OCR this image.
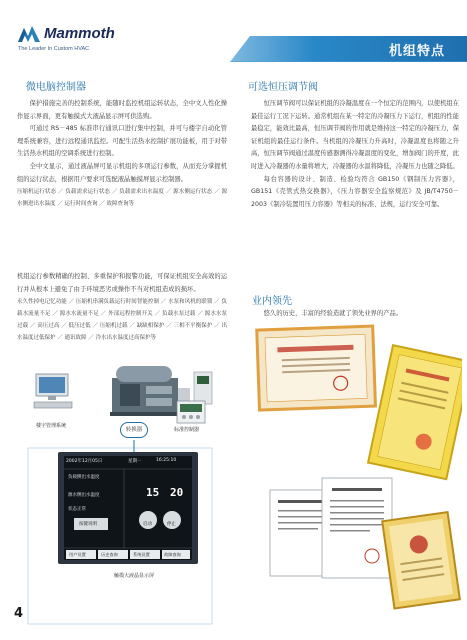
Mammoth
The Leader In Custom HVAC	机组特点
微电脑控制器

保护措施完善的控制系统，能随时监控机组运转状态，全中文人性化操作显示界面，更有触摸式大液晶显示屏可供选购。

可通过 RS－485 标准串行通讯口进行集中控制，并可与楼宇自动化管理系统兼容，进行远程通讯监控。可配生活热水控制扩展功能板，用于对带生活热水机组的空调系统进行控制。

全中文显示，通过液晶屏可显示机组的多项运行参数，从而充分掌握机组的运行状态，根据用户要求可选配液晶触摸屏显示控制器。

压缩机运行状态 ／ 负载需求运行状态 ／ 负载需求出水温度 ／ 源水侧运行状态 ／ 源水侧进出水温度 ／ 运行时间查询 ／ 故障查询等

机组运行参数精确的控制、多重保护和报警功能，可保证机组安全高效的运行并从根本上避免了由于环境恶劣或操作不当对机组造成的损坏。

永久性掉电记忆功能 ／ 压缩机串满负载运行时间智能控制 ／ 水泵和风机的联锁 ／ 负载水流量不足 ／ 源水水流量不足 ／ 外部远程控制开关 ／ 负载水泵过载 ／ 源水水泵过载 ／ 高压过高 ／ 低压过低 ／ 压缩机过载 ／ 缺缺相保护 ／ 三相不平衡保护 ／ 出水温度过低保护 ／ 通讯故障 ／ 冷水出水温度过高保护等

楼宇管理系统
转换器	标准控制器
2002年12月05日	星期一	16:25:10
负载侧出水温度
源水侧出水温度	15 20
状态正常
按键说明	启动	停止
用户设置	历史查询	系统设置	故障查询
触摸大液晶显示屏
4
可选恒压调节阀

恒压调节阀可以保证机组的冷凝温度在一个恒定的范围内，以使机组在最佳运行工况下运转。通常机组在某一特定的冷凝压力下运行，机组的性能最稳定，能效比最高，恒压调节阀的作用就是维持这一特定的冷凝压力，保证机组的最佳运行条件。当机组的冷凝压力升高时，冷凝温度也将随之升高，恒压调节阀通过温度传感器测得冷凝温度的变化，增加阀门的开度，此时进入冷凝器的水量将增大，冷凝器的水温将降低，冷凝压力也随之降低。

每台容器的设计、制造、检验均符合 GB150《钢制压力容器》，GB151《壳管式热交换器》，《压力容器安全监察规范》及 JB/T4750－2003《制冷装置用压力容器》等相关的标准、法规，运行安全可靠。

业内领先

悠久的历史，丰富的经验造就了领先业界的产品。
